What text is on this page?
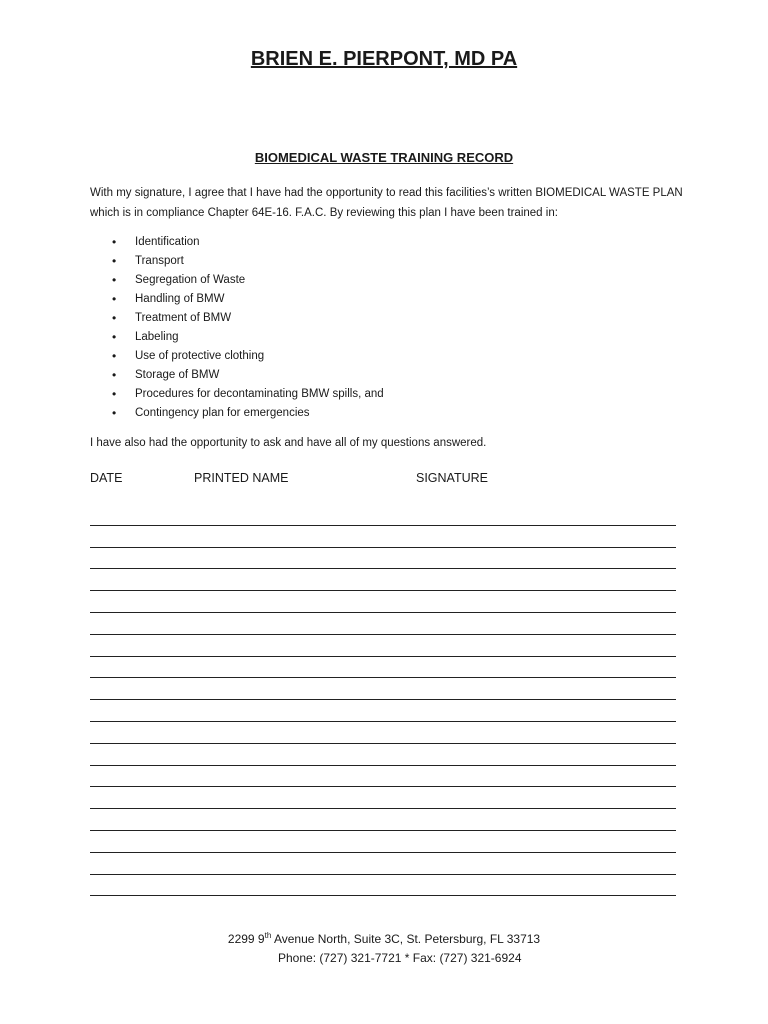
BRIEN E. PIERPONT, MD PA
BIOMEDICAL WASTE TRAINING RECORD

With my signature, I agree that I have had the opportunity to read this facilities’s written BIOMEDICAL WASTE PLAN which is in compliance Chapter 64E-16. F.A.C. By reviewing this plan I have been trained in:

• Identification
• Transport
• Segregation of Waste
• Handling of BMW
• Treatment of BMW
• Labeling
• Use of protective clothing
• Storage of BMW
• Procedures for decontaminating BMW spills, and
• Contingency plan for emergencies

I have also had the opportunity to ask and have all of my questions answered.

DATE	PRINTED NAME	SIGNATURE
2299 9th Avenue North, Suite 3C, St. Petersburg, FL 33713
Phone: (727) 321-7721 * Fax: (727) 321-6924
